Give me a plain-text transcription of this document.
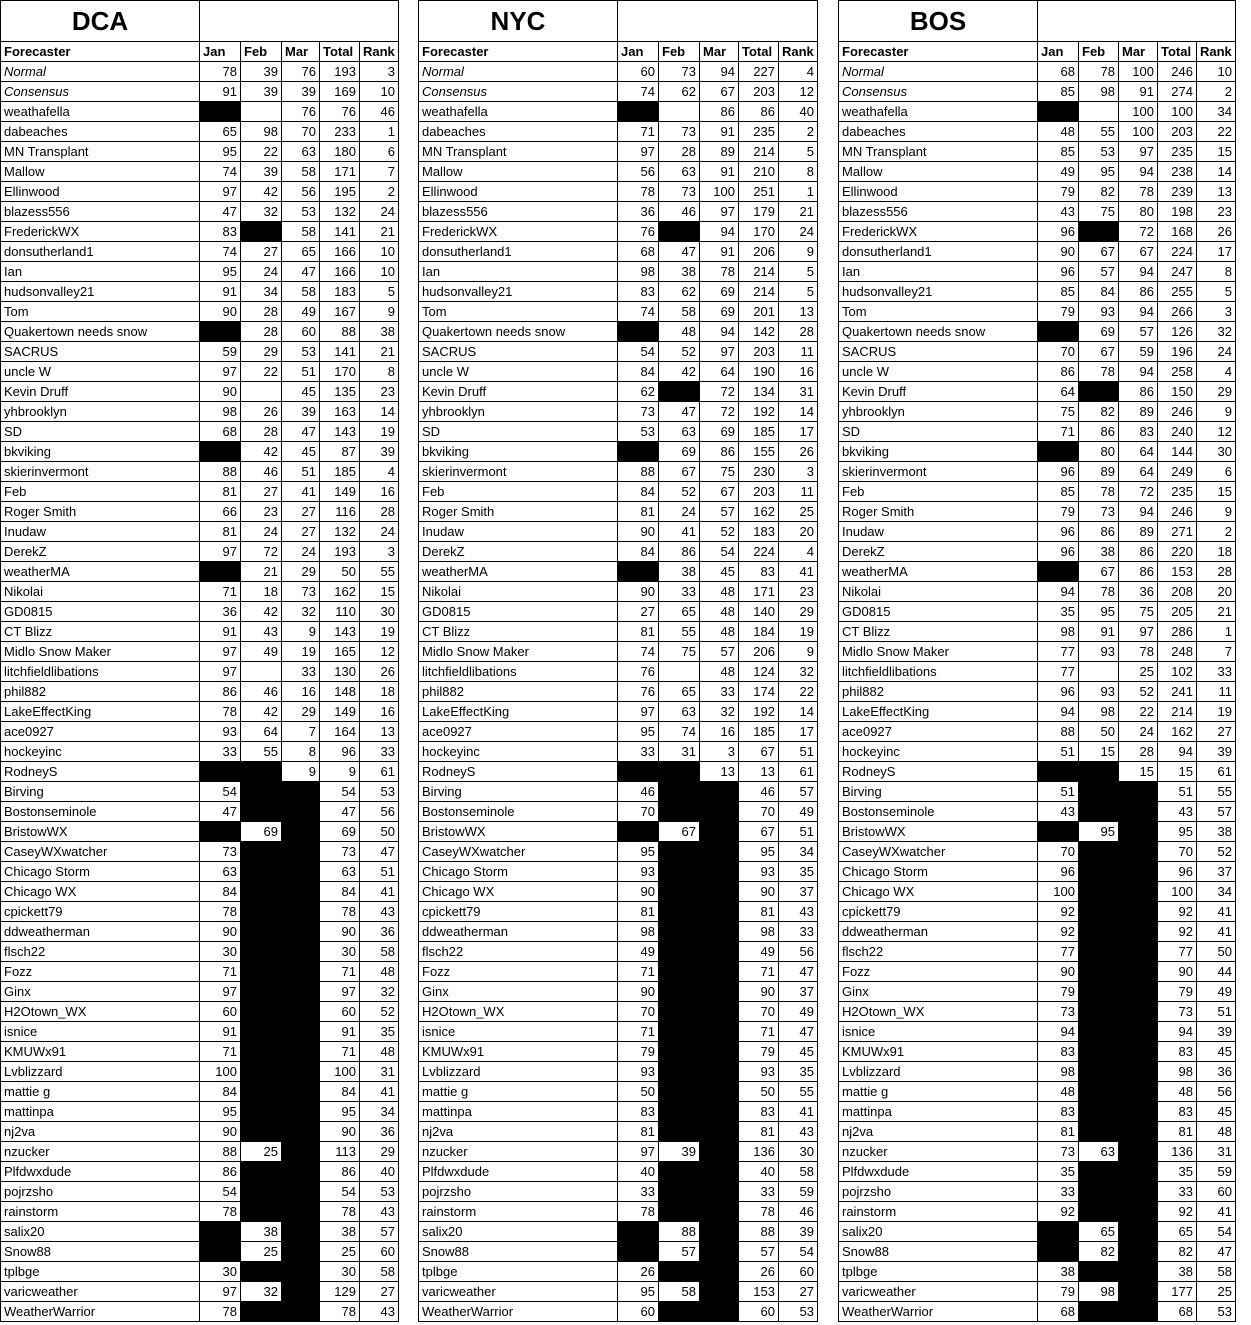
DCA					
Forecaster	Jan	Feb	Mar	Total	Rank
Normal	78	39	76	193	3
Consensus	91	39	39	169	10
weathafella			76	76	46
dabeaches	65	98	70	233	1
MN Transplant	95	22	63	180	6
Mallow	74	39	58	171	7
Ellinwood	97	42	56	195	2
blazess556	47	32	53	132	24
FrederickWX	83		58	141	21
donsutherland1	74	27	65	166	10
Ian	95	24	47	166	10
hudsonvalley21	91	34	58	183	5
Tom	90	28	49	167	9
Quakertown needs snow		28	60	88	38
SACRUS	59	29	53	141	21
uncle W	97	22	51	170	8
Kevin Druff	90		45	135	23
yhbrooklyn	98	26	39	163	14
SD	68	28	47	143	19
bkviking		42	45	87	39
skierinvermont	88	46	51	185	4
Feb	81	27	41	149	16
Roger Smith	66	23	27	116	28
Inudaw	81	24	27	132	24
DerekZ	97	72	24	193	3
weatherMA		21	29	50	55
Nikolai	71	18	73	162	15
GD0815	36	42	32	110	30
CT Blizz	91	43	9	143	19
Midlo Snow Maker	97	49	19	165	12
litchfieldlibations	97		33	130	26
phil882	86	46	16	148	18
LakeEffectKing	78	42	29	149	16
ace0927	93	64	7	164	13
hockeyinc	33	55	8	96	33
RodneyS			9	9	61
Birving	54			54	53
Bostonseminole	47			47	56
BristowWX		69		69	50
CaseyWXwatcher	73			73	47
Chicago Storm	63			63	51
Chicago WX	84			84	41
cpickett79	78			78	43
ddweatherman	90			90	36
flsch22	30			30	58
Fozz	71			71	48
Ginx	97			97	32
H2Otown_WX	60			60	52
isnice	91			91	35
KMUWx91	71			71	48
Lvblizzard	100			100	31
mattie g	84			84	41
mattinpa	95			95	34
nj2va	90			90	36
nzucker	88	25		113	29
Plfdwxdude	86			86	40
pojrzsho	54			54	53
rainstorm	78			78	43
salix20		38		38	57
Snow88		25		25	60
tplbge	30			30	58
varicweather	97	32		129	27
WeatherWarrior	78			78	43
NYC					
Forecaster	Jan	Feb	Mar	Total	Rank
Normal	60	73	94	227	4
Consensus	74	62	67	203	12
weathafella			86	86	40
dabeaches	71	73	91	235	2
MN Transplant	97	28	89	214	5
Mallow	56	63	91	210	8
Ellinwood	78	73	100	251	1
blazess556	36	46	97	179	21
FrederickWX	76		94	170	24
donsutherland1	68	47	91	206	9
Ian	98	38	78	214	5
hudsonvalley21	83	62	69	214	5
Tom	74	58	69	201	13
Quakertown needs snow		48	94	142	28
SACRUS	54	52	97	203	11
uncle W	84	42	64	190	16
Kevin Druff	62		72	134	31
yhbrooklyn	73	47	72	192	14
SD	53	63	69	185	17
bkviking		69	86	155	26
skierinvermont	88	67	75	230	3
Feb	84	52	67	203	11
Roger Smith	81	24	57	162	25
Inudaw	90	41	52	183	20
DerekZ	84	86	54	224	4
weatherMA		38	45	83	41
Nikolai	90	33	48	171	23
GD0815	27	65	48	140	29
CT Blizz	81	55	48	184	19
Midlo Snow Maker	74	75	57	206	9
litchfieldlibations	76		48	124	32
phil882	76	65	33	174	22
LakeEffectKing	97	63	32	192	14
ace0927	95	74	16	185	17
hockeyinc	33	31	3	67	51
RodneyS			13	13	61
Birving	46			46	57
Bostonseminole	70			70	49
BristowWX		67		67	51
CaseyWXwatcher	95			95	34
Chicago Storm	93			93	35
Chicago WX	90			90	37
cpickett79	81			81	43
ddweatherman	98			98	33
flsch22	49			49	56
Fozz	71			71	47
Ginx	90			90	37
H2Otown_WX	70			70	49
isnice	71			71	47
KMUWx91	79			79	45
Lvblizzard	93			93	35
mattie g	50			50	55
mattinpa	83			83	41
nj2va	81			81	43
nzucker	97	39		136	30
Plfdwxdude	40			40	58
pojrzsho	33			33	59
rainstorm	78			78	46
salix20		88		88	39
Snow88		57		57	54
tplbge	26			26	60
varicweather	95	58		153	27
WeatherWarrior	60			60	53
BOS					
Forecaster	Jan	Feb	Mar	Total	Rank
Normal	68	78	100	246	10
Consensus	85	98	91	274	2
weathafella			100	100	34
dabeaches	48	55	100	203	22
MN Transplant	85	53	97	235	15
Mallow	49	95	94	238	14
Ellinwood	79	82	78	239	13
blazess556	43	75	80	198	23
FrederickWX	96		72	168	26
donsutherland1	90	67	67	224	17
Ian	96	57	94	247	8
hudsonvalley21	85	84	86	255	5
Tom	79	93	94	266	3
Quakertown needs snow		69	57	126	32
SACRUS	70	67	59	196	24
uncle W	86	78	94	258	4
Kevin Druff	64		86	150	29
yhbrooklyn	75	82	89	246	9
SD	71	86	83	240	12
bkviking		80	64	144	30
skierinvermont	96	89	64	249	6
Feb	85	78	72	235	15
Roger Smith	79	73	94	246	9
Inudaw	96	86	89	271	2
DerekZ	96	38	86	220	18
weatherMA		67	86	153	28
Nikolai	94	78	36	208	20
GD0815	35	95	75	205	21
CT Blizz	98	91	97	286	1
Midlo Snow Maker	77	93	78	248	7
litchfieldlibations	77		25	102	33
phil882	96	93	52	241	11
LakeEffectKing	94	98	22	214	19
ace0927	88	50	24	162	27
hockeyinc	51	15	28	94	39
RodneyS			15	15	61
Birving	51			51	55
Bostonseminole	43			43	57
BristowWX		95		95	38
CaseyWXwatcher	70			70	52
Chicago Storm	96			96	37
Chicago WX	100			100	34
cpickett79	92			92	41
ddweatherman	92			92	41
flsch22	77			77	50
Fozz	90			90	44
Ginx	79			79	49
H2Otown_WX	73			73	51
isnice	94			94	39
KMUWx91	83			83	45
Lvblizzard	98			98	36
mattie g	48			48	56
mattinpa	83			83	45
nj2va	81			81	48
nzucker	73	63		136	31
Plfdwxdude	35			35	59
pojrzsho	33			33	60
rainstorm	92			92	41
salix20		65		65	54
Snow88		82		82	47
tplbge	38			38	58
varicweather	79	98		177	25
WeatherWarrior	68			68	53
